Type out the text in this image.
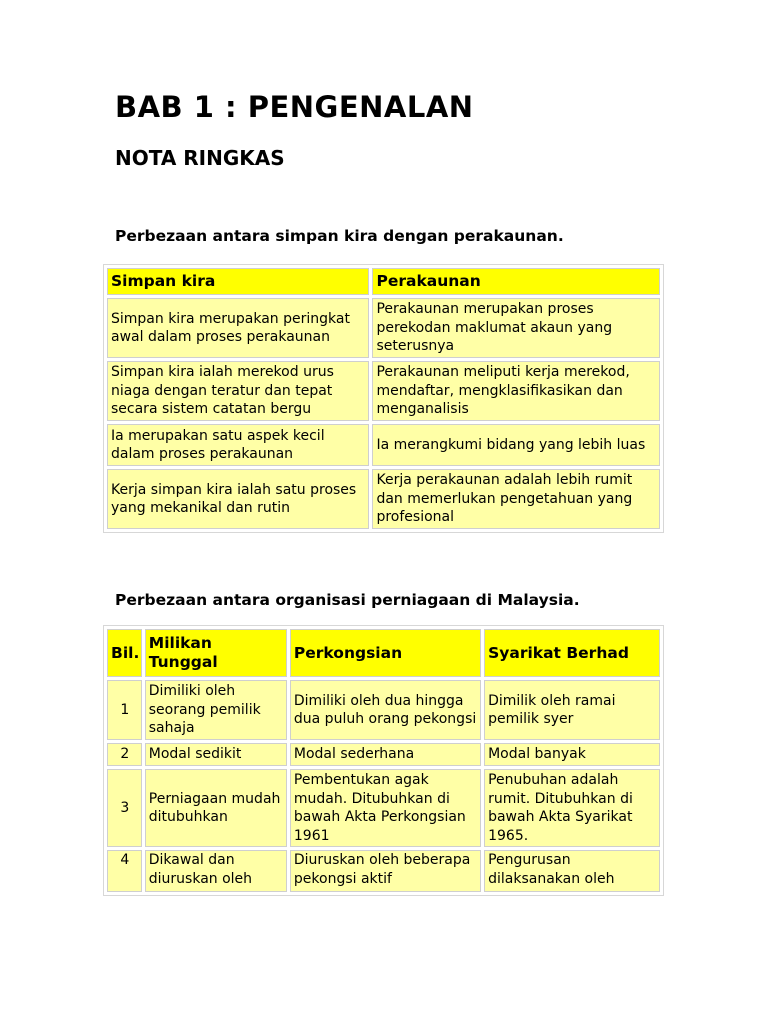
BAB 1 : PENGENALAN
NOTA RINGKAS
Perbezaan antara simpan kira dengan perakaunan.
Simpan kira	Perakaunan
Simpan kira merupakan peringkat awal dalam proses perakaunan	Perakaunan merupakan proses perekodan maklumat akaun yang seterusnya
Simpan kira ialah merekod urus niaga dengan teratur dan tepat secara sistem catatan bergu	Perakaunan meliputi kerja merekod, mendaftar, mengklasifikasikan dan menganalisis
Ia merupakan satu aspek kecil dalam proses perakaunan	Ia merangkumi bidang yang lebih luas
Kerja simpan kira ialah satu proses yang mekanikal dan rutin	Kerja perakaunan adalah lebih rumit dan memerlukan pengetahuan yang profesional
Perbezaan antara organisasi perniagaan di Malaysia.
Bil.	Milikan Tunggal	Perkongsian	Syarikat Berhad
1	Dimiliki oleh seorang pemilik sahaja	Dimiliki oleh dua hingga dua puluh orang pekongsi	Dimilik oleh ramai pemilik syer
2	Modal sedikit	Modal sederhana	Modal banyak
3	Perniagaan mudah ditubuhkan	Pembentukan agak mudah. Ditubuhkan di bawah Akta Perkongsian 1961	Penubuhan adalah rumit. Ditubuhkan di bawah Akta Syarikat 1965.
4	Dikawal dan diuruskan oleh	Diuruskan oleh beberapa pekongsi aktif	Pengurusan dilaksanakan oleh
